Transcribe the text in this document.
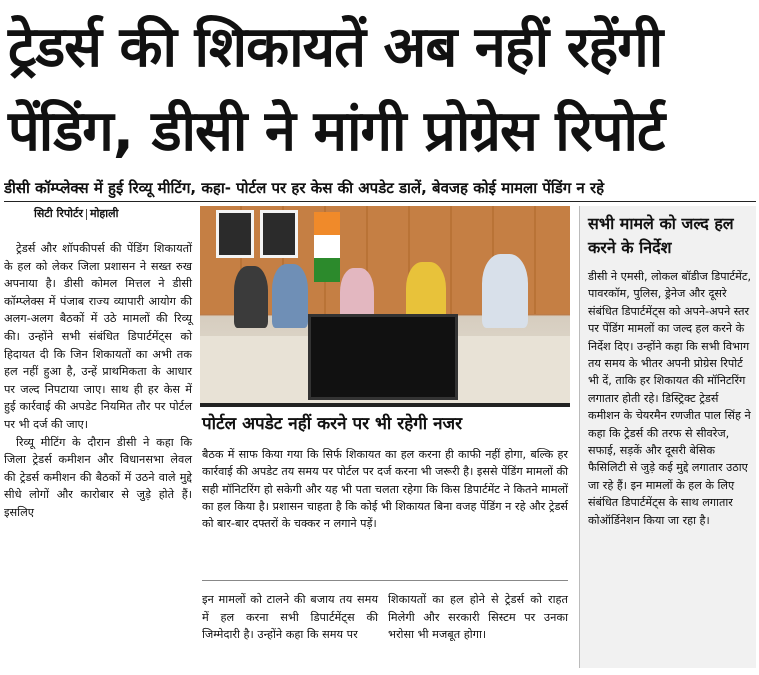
ट्रेडर्स की शिकायतें अब नहीं रहेंगी पेंडिंग, डीसी ने मांगी प्रोग्रेस रिपोर्ट
डीसी कॉम्प्लेक्स में हुई रिव्यू मीटिंग, कहा- पोर्टल पर हर केस की अपडेट डालें, बेवजह कोई मामला पेंडिंग न रहे
सिटी रिपोर्टर मोहाली

ट्रेडर्स और शॉपकीपर्स की पेंडिंग शिकायतों के हल को लेकर जिला प्रशासन ने सख्त रुख अपनाया है। डीसी कोमल मित्तल ने डीसी कॉम्प्लेक्स में पंजाब राज्य व्यापारी आयोग की अलग-अलग बैठकों में उठे मामलों की रिव्यू की। उन्होंने सभी संबंधित डिपार्टमेंट्स को हिदायत दी कि जिन शिकायतों का अभी तक हल नहीं हुआ है, उन्हें प्राथमिकता के आधार पर जल्द निपटाया जाए। साथ ही हर केस में हुई कार्रवाई की अपडेट नियमित तौर पर पोर्टल पर भी दर्ज की जाए।

रिव्यू मीटिंग के दौरान डीसी ने कहा कि जिला ट्रेडर्स कमीशन और विधानसभा लेवल की ट्रेडर्स कमीशन की बैठकों में उठने वाले मुद्दे सीधे लोगों और कारोबार से जुड़े होते हैं। इसलिए

पोर्टल अपडेट नहीं करने पर भी रहेगी नजर

बैठक में साफ किया गया कि सिर्फ शिकायत का हल करना ही काफी नहीं होगा, बल्कि हर कार्रवाई की अपडेट तय समय पर पोर्टल पर दर्ज करना भी जरूरी है। इससे पेंडिंग मामलों की सही मॉनिटरिंग हो सकेगी और यह भी पता चलता रहेगा कि किस डिपार्टमेंट ने कितने मामलों का हल किया है। प्रशासन चाहता है कि कोई भी शिकायत बिना वजह पेंडिंग न रहे और ट्रेडर्स को बार-बार दफ्तरों के चक्कर न लगाने पड़ें।

इन मामलों को टालने की बजाय तय समय में हल करना सभी डिपार्टमेंट्स की जिम्मेदारी है। उन्होंने कहा कि समय पर

शिकायतों का हल होने से ट्रेडर्स को राहत मिलेगी और सरकारी सिस्टम पर उनका भरोसा भी मजबूत होगा।

सभी मामले को जल्द हल करने के निर्देश

डीसी ने एमसी, लोकल बॉडीज डिपार्टमेंट, पावरकॉम, पुलिस, ड्रेनेज और दूसरे संबंधित डिपार्टमेंट्स को अपने-अपने स्तर पर पेंडिंग मामलों का जल्द हल करने के निर्देश दिए। उन्होंने कहा कि सभी विभाग तय समय के भीतर अपनी प्रोग्रेस रिपोर्ट भी दें, ताकि हर शिकायत की मॉनिटरिंग लगातार होती रहे। डिस्ट्रिक्ट ट्रेडर्स कमीशन के चेयरमैन रणजीत पाल सिंह ने कहा कि ट्रेडर्स की तरफ से सीवरेज, सफाई, सड़कें और दूसरी बेसिक फैसिलिटी से जुड़े कई मुद्दे लगातार उठाए जा रहे हैं। इन मामलों के हल के लिए संबंधित डिपार्टमेंट्स के साथ लगातार कोऑर्डिनेशन किया जा रहा है।
